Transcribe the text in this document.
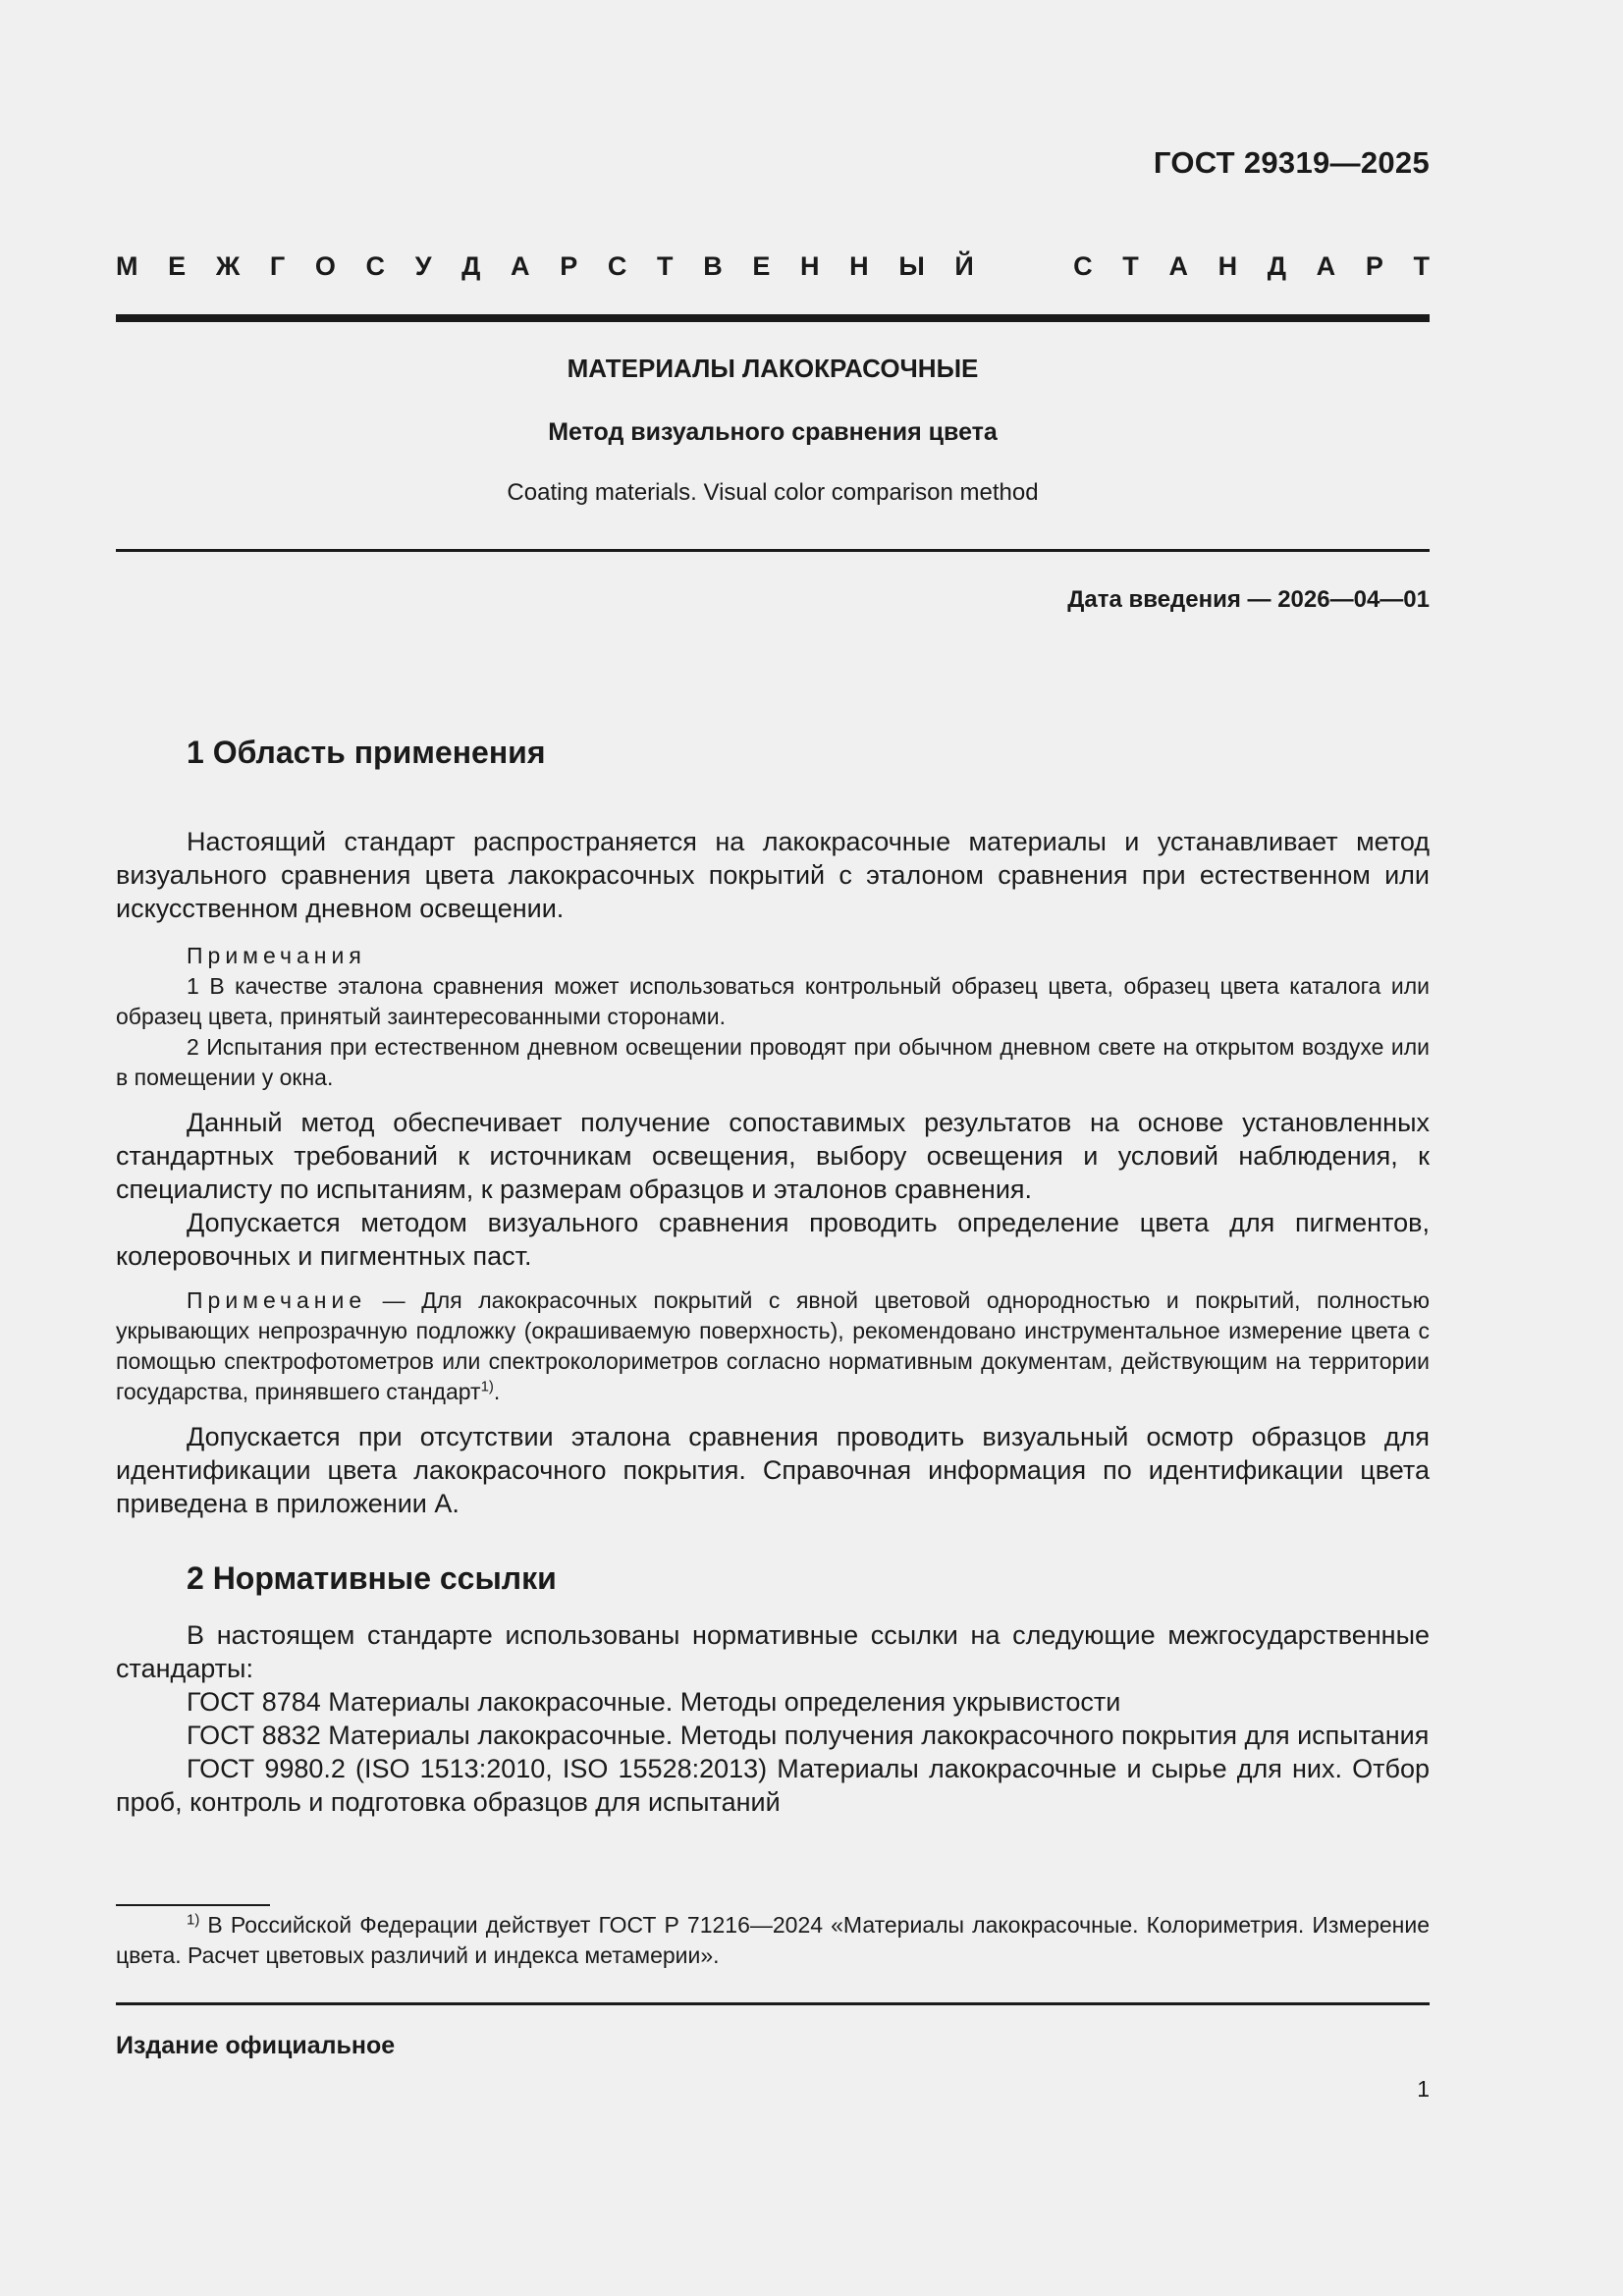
ГОСТ 29319—2025
М Е Ж Г О С У Д А Р С Т В Е Н Н Ы Й	С Т А Н Д А Р Т
МАТЕРИАЛЫ ЛАКОКРАСОЧНЫЕ
Метод визуального сравнения цвета
Coating materials. Visual color comparison method
Дата введения — 2026—04—01
1 Область применения
Настоящий стандарт распространяется на лакокрасочные материалы и устанавливает метод визуального сравнения цвета лакокрасочных покрытий с эталоном сравнения при естественном или искусственном дневном освещении.
Примечания
1 В качестве эталона сравнения может использоваться контрольный образец цвета, образец цвета каталога или образец цвета, принятый заинтересованными сторонами.
2 Испытания при естественном дневном освещении проводят при обычном дневном свете на открытом воздухе или в помещении у окна.
Данный метод обеспечивает получение сопоставимых результатов на основе установленных стандартных требований к источникам освещения, выбору освещения и условий наблюдения, к специалисту по испытаниям, к размерам образцов и эталонов сравнения.
Допускается методом визуального сравнения проводить определение цвета для пигментов, колеровочных и пигментных паст.
Примечание — Для лакокрасочных покрытий с явной цветовой однородностью и покрытий, полностью укрывающих непрозрачную подложку (окрашиваемую поверхность), рекомендовано инструментальное измерение цвета с помощью спектрофотометров или спектроколориметров согласно нормативным документам, действующим на территории государства, принявшего стандарт$^{1)}$.
Допускается при отсутствии эталона сравнения проводить визуальный осмотр образцов для идентификации цвета лакокрасочного покрытия. Справочная информация по идентификации цвета приведена в приложении А.
2 Нормативные ссылки
В настоящем стандарте использованы нормативные ссылки на следующие межгосударственные стандарты:
ГОСТ 8784 Материалы лакокрасочные. Методы определения укрывистости
ГОСТ 8832 Материалы лакокрасочные. Методы получения лакокрасочного покрытия для испытания
ГОСТ 9980.2 (ISO 1513:2010, ISO 15528:2013) Материалы лакокрасочные и сырье для них. Отбор проб, контроль и подготовка образцов для испытаний
$^{1)}$ В Российской Федерации действует ГОСТ Р 71216—2024 «Материалы лакокрасочные. Колориметрия. Измерение цвета. Расчет цветовых различий и индекса метамерии».
Издание официальное
1
